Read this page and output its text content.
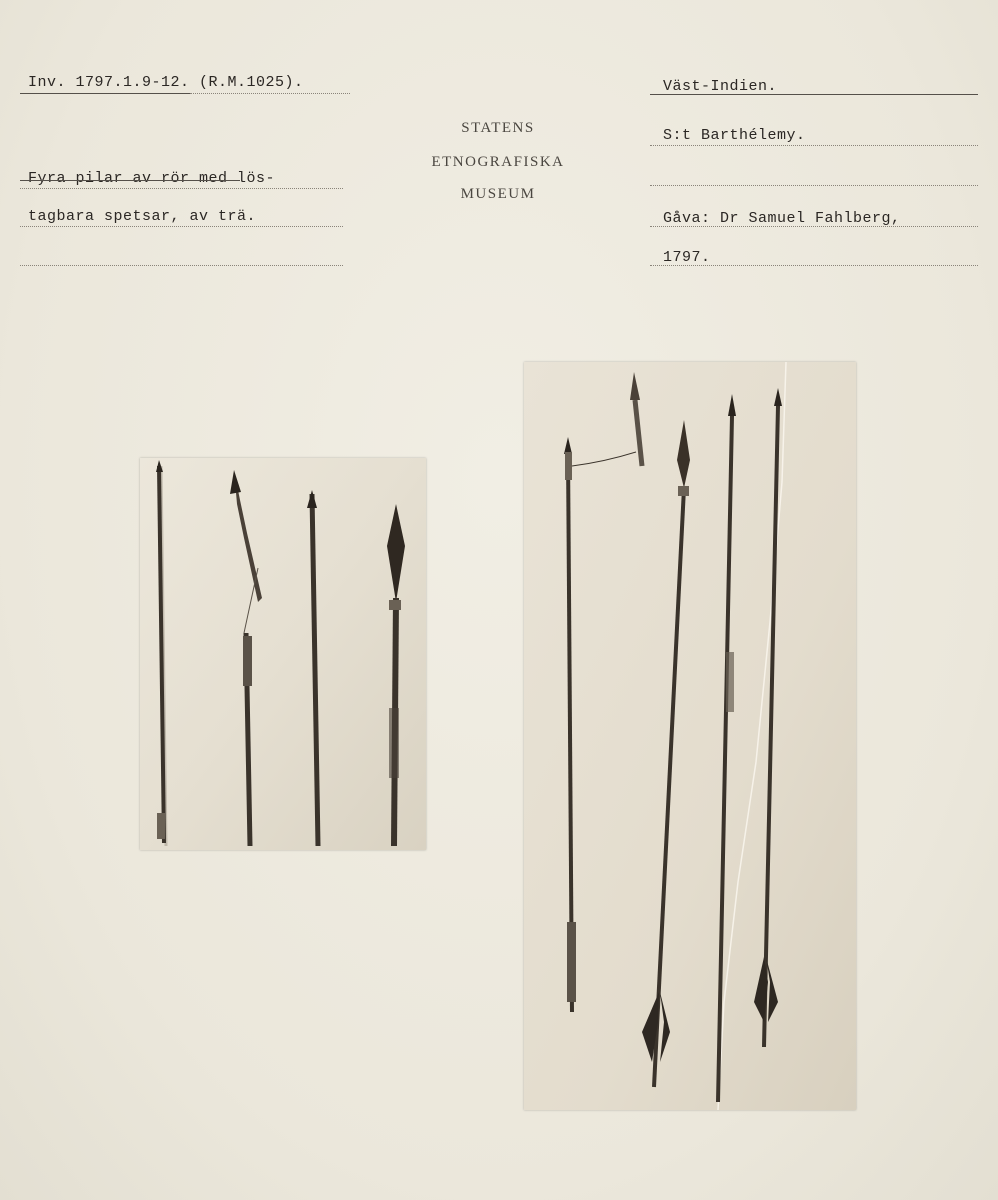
Inv. 1797.1.9-12. (R.M.1025).
Fyra pilar av rör med lös-
tagbara spetsar, av trä.
STATENS
ETNOGRAFISKA
MUSEUM
Väst-Indien.
S:t Barthélemy.
Gåva: Dr Samuel Fahlberg,
1797.
